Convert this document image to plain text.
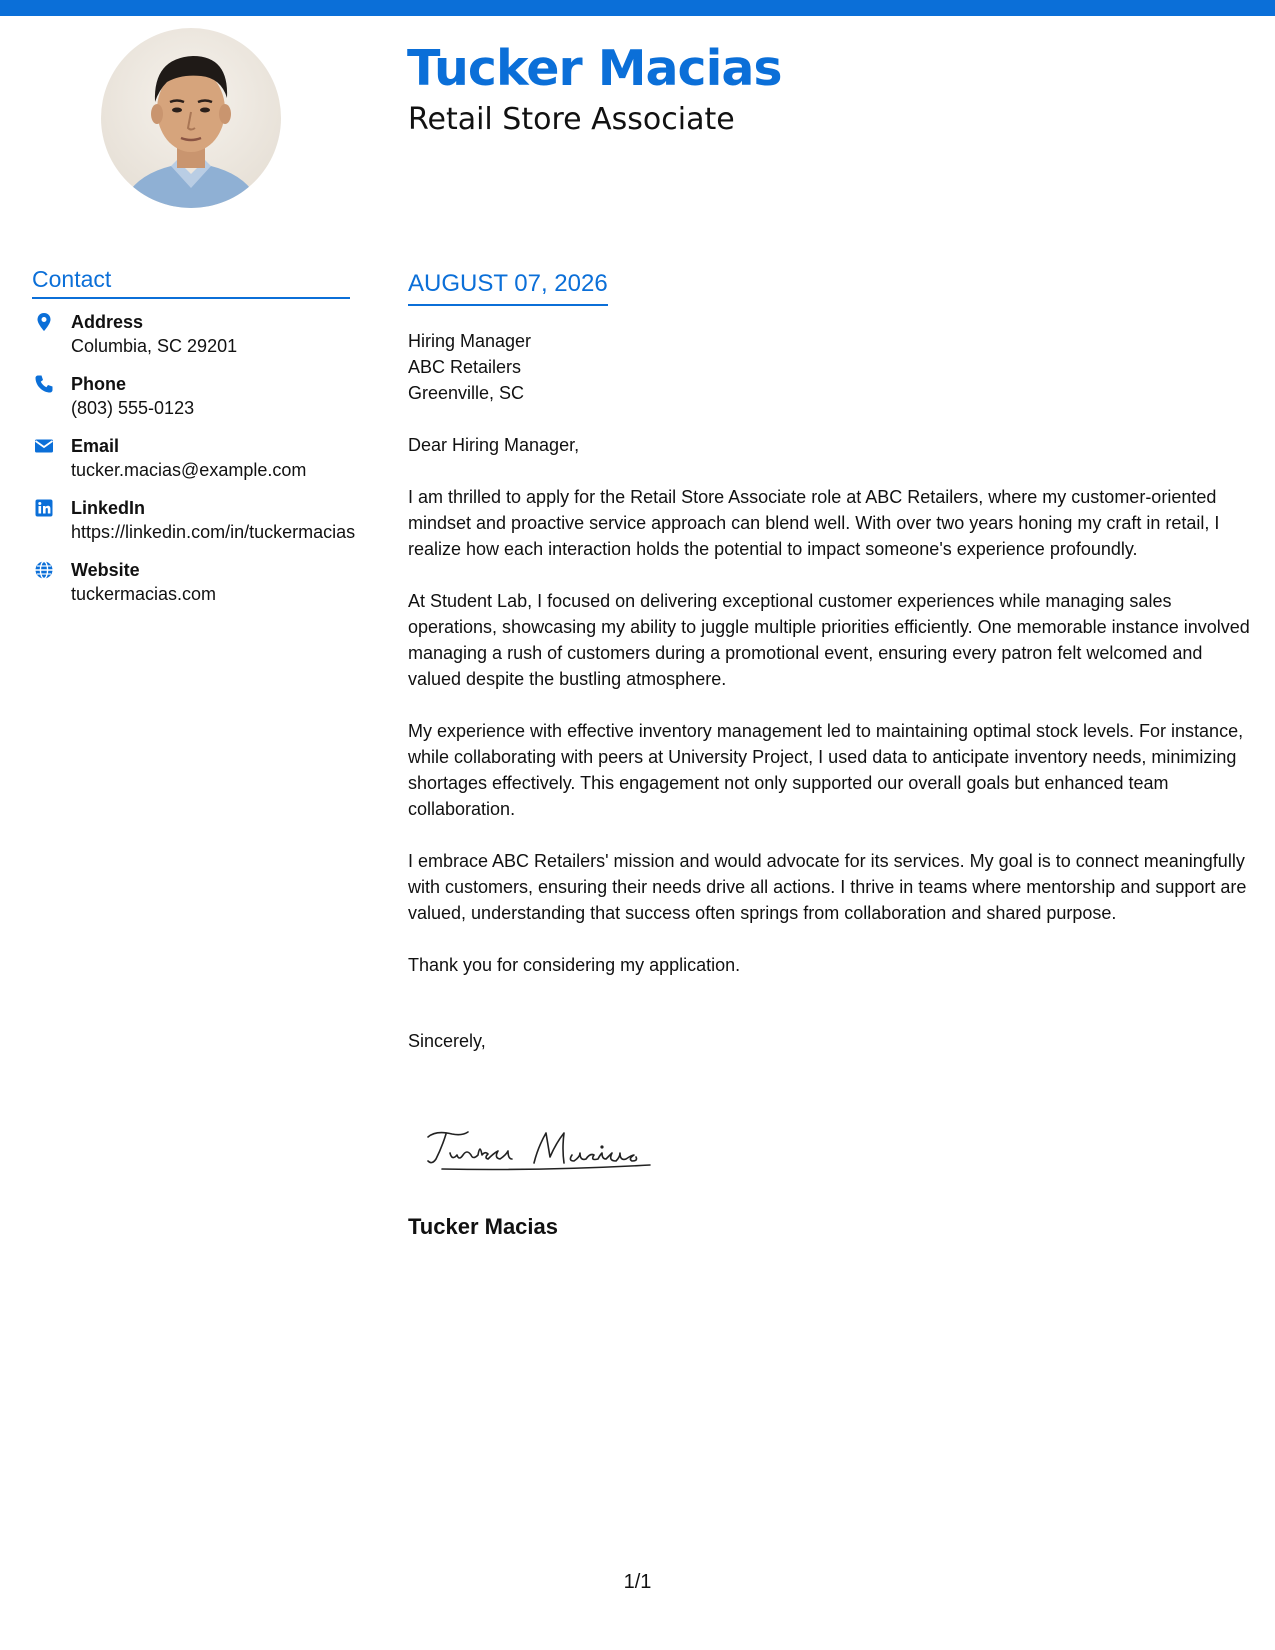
Tucker Macias
Retail Store Associate
Contact
Address
Columbia, SC 29201
Phone
(803) 555-0123
Email
tucker.macias@example.com
LinkedIn
https://linkedin.com/in/tuckermacias
Website
tuckermacias.com
AUGUST 07, 2026
Hiring Manager
ABC Retailers
Greenville, SC
Dear Hiring Manager,
I am thrilled to apply for the Retail Store Associate role at ABC Retailers, where my customer-oriented mindset and proactive service approach can blend well. With over two years honing my craft in retail, I realize how each interaction holds the potential to impact someone's experience profoundly.
At Student Lab, I focused on delivering exceptional customer experiences while managing sales operations, showcasing my ability to juggle multiple priorities efficiently. One memorable instance involved managing a rush of customers during a promotional event, ensuring every patron felt welcomed and valued despite the bustling atmosphere.
My experience with effective inventory management led to maintaining optimal stock levels. For instance, while collaborating with peers at University Project, I used data to anticipate inventory needs, minimizing shortages effectively. This engagement not only supported our overall goals but enhanced team collaboration.
I embrace ABC Retailers' mission and would advocate for its services. My goal is to connect meaningfully with customers, ensuring their needs drive all actions. I thrive in teams where mentorship and support are valued, understanding that success often springs from collaboration and shared purpose.
Thank you for considering my application.
Sincerely,
Tucker Macias
1/1
